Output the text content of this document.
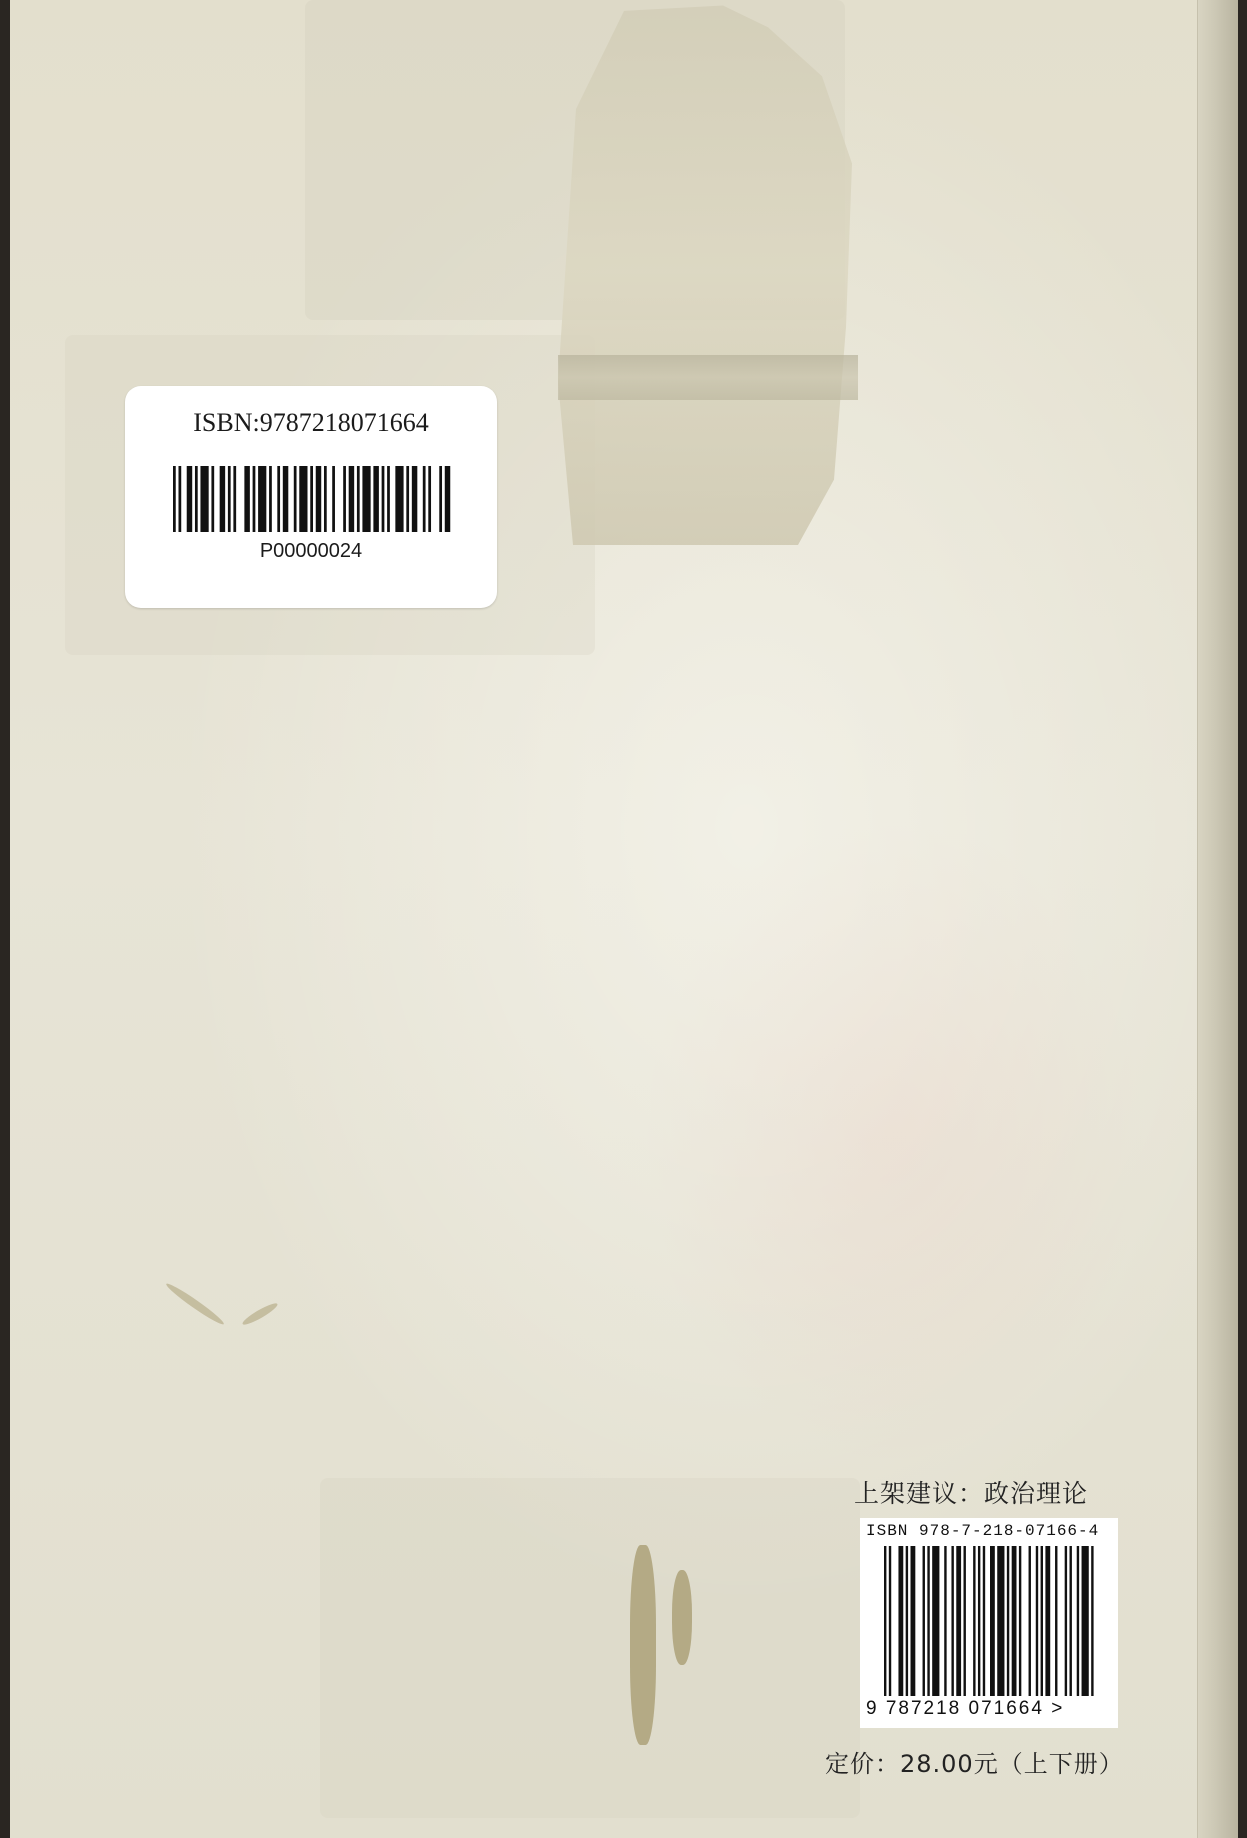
ISBN:9787218071664
P00000024
上架建议：政治理论
ISBN 978-7-218-07166-4
9 787218 071664 >
定价：28.00元（上下册）
